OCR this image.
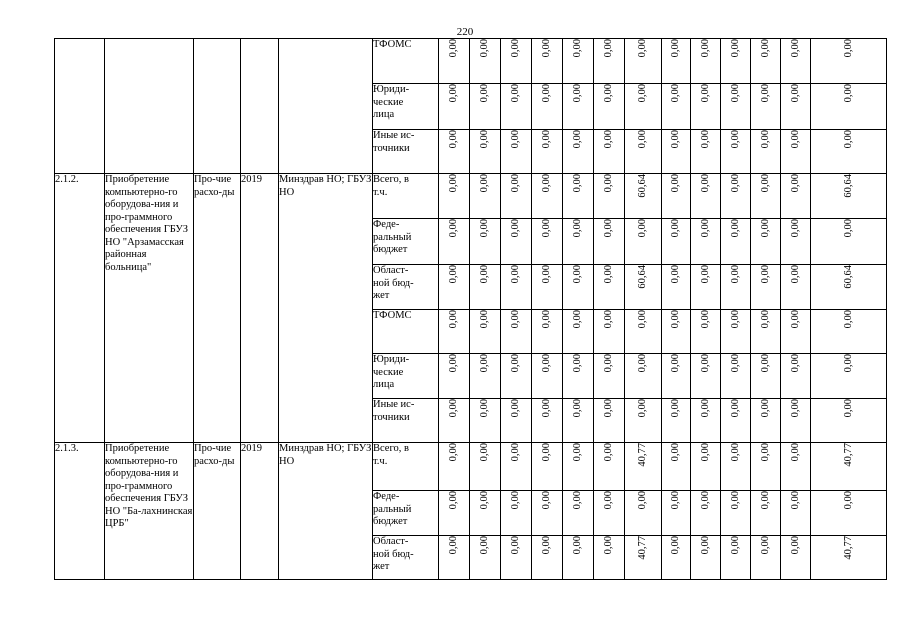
220
					ТФОМС	0,00	0,00	0,00	0,00	0,00	0,00	0,00	0,00	0,00	0,00	0,00	0,00	0,00

					Юриди-
ческие
лица	0,00	0,00	0,00	0,00	0,00	0,00	0,00	0,00	0,00	0,00	0,00	0,00	0,00

					Иные ис-
точники	0,00	0,00	0,00	0,00	0,00	0,00	0,00	0,00	0,00	0,00	0,00	0,00	0,00

2.1.2.	Приобретение компьютерно-го оборудова-ния и про-граммного обеспечения ГБУЗ НО "Арзамасская районная больница"	Про-чие расхо-ды	2019	Минздрав НО; ГБУЗ НО	Всего, в
т.ч.	0,00	0,00	0,00	0,00	0,00	0,00	60,64	0,00	0,00	0,00	0,00	0,00	60,64

					Феде-
ральный
бюджет	0,00	0,00	0,00	0,00	0,00	0,00	0,00	0,00	0,00	0,00	0,00	0,00	0,00

					Област-
ной бюд-
жет	0,00	0,00	0,00	0,00	0,00	0,00	60,64	0,00	0,00	0,00	0,00	0,00	60,64

					ТФОМС	0,00	0,00	0,00	0,00	0,00	0,00	0,00	0,00	0,00	0,00	0,00	0,00	0,00

					Юриди-
ческие
лица	0,00	0,00	0,00	0,00	0,00	0,00	0,00	0,00	0,00	0,00	0,00	0,00	0,00

					Иные ис-
точники	0,00	0,00	0,00	0,00	0,00	0,00	0,00	0,00	0,00	0,00	0,00	0,00	0,00

2.1.3.	Приобретение компьютерно-го оборудова-ния и про-граммного обеспечения ГБУЗ НО "Ба-лахнинская ЦРБ"	Про-чие расхо-ды	2019	Минздрав НО; ГБУЗ НО	Всего, в
т.ч.	0,00	0,00	0,00	0,00	0,00	0,00	40,77	0,00	0,00	0,00	0,00	0,00	40,77

					Феде-
ральный
бюджет	0,00	0,00	0,00	0,00	0,00	0,00	0,00	0,00	0,00	0,00	0,00	0,00	0,00

					Област-
ной бюд-
жет	0,00	0,00	0,00	0,00	0,00	0,00	40,77	0,00	0,00	0,00	0,00	0,00	40,77
